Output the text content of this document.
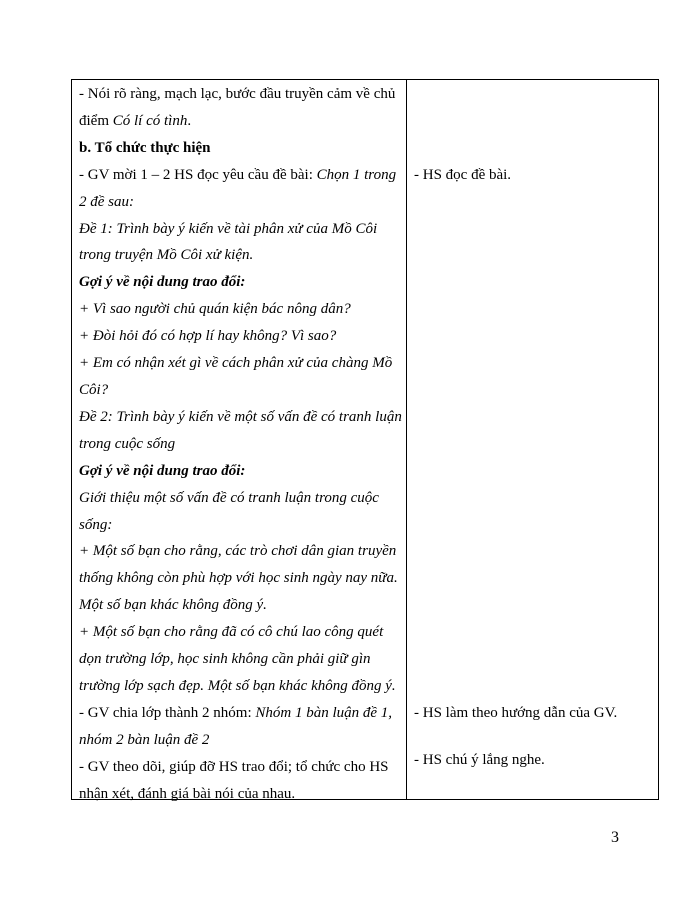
- Nói rõ ràng, mạch lạc, bước đầu truyền cảm về chủ
điểm Có lí có tình.
b. Tổ chức thực hiện
- GV mời 1 – 2 HS đọc yêu cầu đề bài: Chọn 1 trong
2 đề sau:
Đề 1: Trình bày ý kiến về tài phân xử của Mồ Côi
trong truyện Mồ Côi xử kiện.
Gợi ý về nội dung trao đổi:
+ Vì sao người chủ quán kiện bác nông dân?
+ Đòi hỏi đó có hợp lí hay không? Vì sao?
+ Em có nhận xét gì về cách phân xử của chàng Mồ
Côi?
Đề 2: Trình bày ý kiến về một số vấn đề có tranh luận
trong cuộc sống
Gợi ý về nội dung trao đổi:
Giới thiệu một số vấn đề có tranh luận trong cuộc
sống:
+ Một số bạn cho rằng, các trò chơi dân gian truyền
thống không còn phù hợp với học sinh ngày nay nữa.
Một số bạn khác không đồng ý.
+ Một số bạn cho rằng đã có cô chú lao công quét
dọn trường lớp, học sinh không cần phải giữ gìn
trường lớp sạch đẹp. Một số bạn khác không đồng ý.
- GV chia lớp thành 2 nhóm: Nhóm 1 bàn luận đề 1,
nhóm 2 bàn luận đề 2
- GV theo dõi, giúp đỡ HS trao đổi; tổ chức cho HS
nhận xét, đánh giá bài nói của nhau.
- HS đọc đề bài.
- HS làm theo hướng dẫn của GV.
- HS chú ý lắng nghe.
3
